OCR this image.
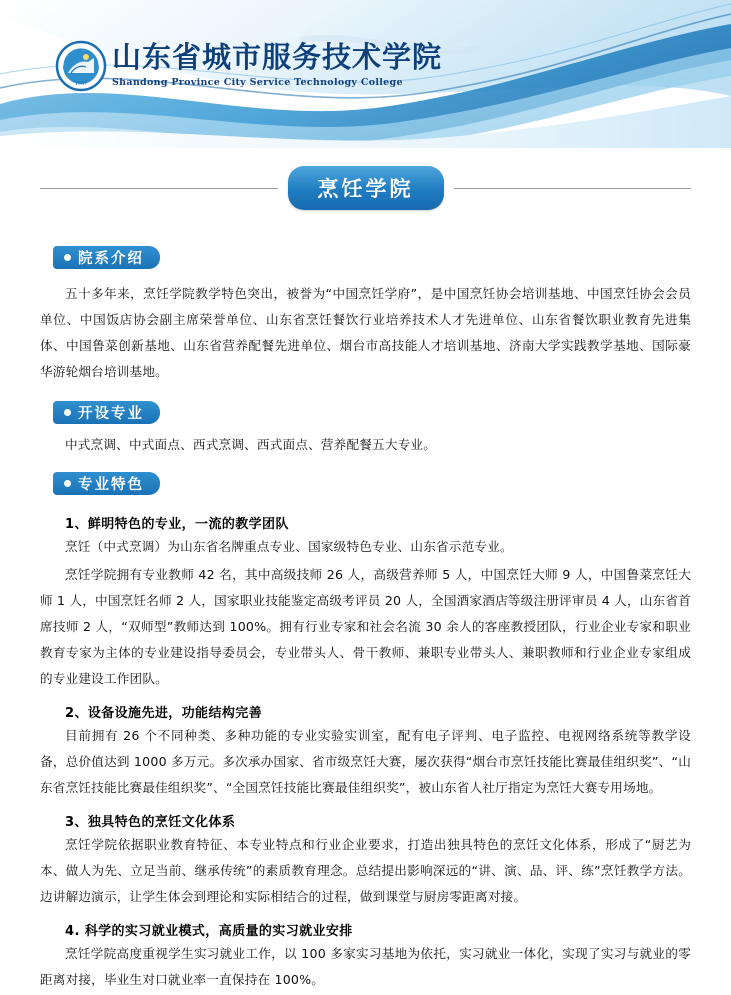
1957
山东省城市服务技术学院
Shandong Province City Service Technology College
烹饪学院
院系介绍

五十多年来，烹饪学院教学特色突出，被誉为“中国烹饪学府”，是中国烹饪协会培训基地、中国烹饪协会会员单位、中国饭店协会副主席荣誉单位、山东省烹饪餐饮行业培养技术人才先进单位、山东省餐饮职业教育先进集体、中国鲁菜创新基地、山东省营养配餐先进单位、烟台市高技能人才培训基地、济南大学实践教学基地、国际豪华游轮烟台培训基地。

开设专业

中式烹调、中式面点、西式烹调、西式面点、营养配餐五大专业。

专业特色
1、鲜明特色的专业，一流的教学团队

烹饪（中式烹调）为山东省名牌重点专业、国家级特色专业、山东省示范专业。

烹饪学院拥有专业教师 42 名，其中高级技师 26 人，高级营养师 5 人，中国烹饪大师 9 人，中国鲁菜烹饪大师 1 人，中国烹饪名师 2 人，国家职业技能鉴定高级考评员 20 人，全国酒家酒店等级注册评审员 4 人，山东省首席技师 2 人，“双师型”教师达到 100%。拥有行业专家和社会名流 30 余人的客座教授团队，行业企业专家和职业教育专家为主体的专业建设指导委员会，专业带头人、骨干教师、兼职专业带头人、兼职教师和行业企业专家组成的专业建设工作团队。

2、设备设施先进，功能结构完善

目前拥有 26 个不同种类、多种功能的专业实验实训室，配有电子评判、电子监控、电视网络系统等教学设备，总价值达到 1000 多万元。多次承办国家、省市级烹饪大赛，屡次获得“烟台市烹饪技能比赛最佳组织奖”、“山东省烹饪技能比赛最佳组织奖”、“全国烹饪技能比赛最佳组织奖”，被山东省人社厅指定为烹饪大赛专用场地。

3、独具特色的烹饪文化体系

烹饪学院依据职业教育特征、本专业特点和行业企业要求，打造出独具特色的烹饪文化体系，形成了“厨艺为本、做人为先、立足当前、继承传统”的素质教育理念。总结提出影响深远的“讲、演、品、评、练”烹饪教学方法。边讲解边演示，让学生体会到理论和实际相结合的过程，做到课堂与厨房零距离对接。

4. 科学的实习就业模式，高质量的实习就业安排

烹饪学院高度重视学生实习就业工作，以 100 多家实习基地为依托，实习就业一体化，实现了实习与就业的零距离对接，毕业生对口就业率一直保持在 100%。
